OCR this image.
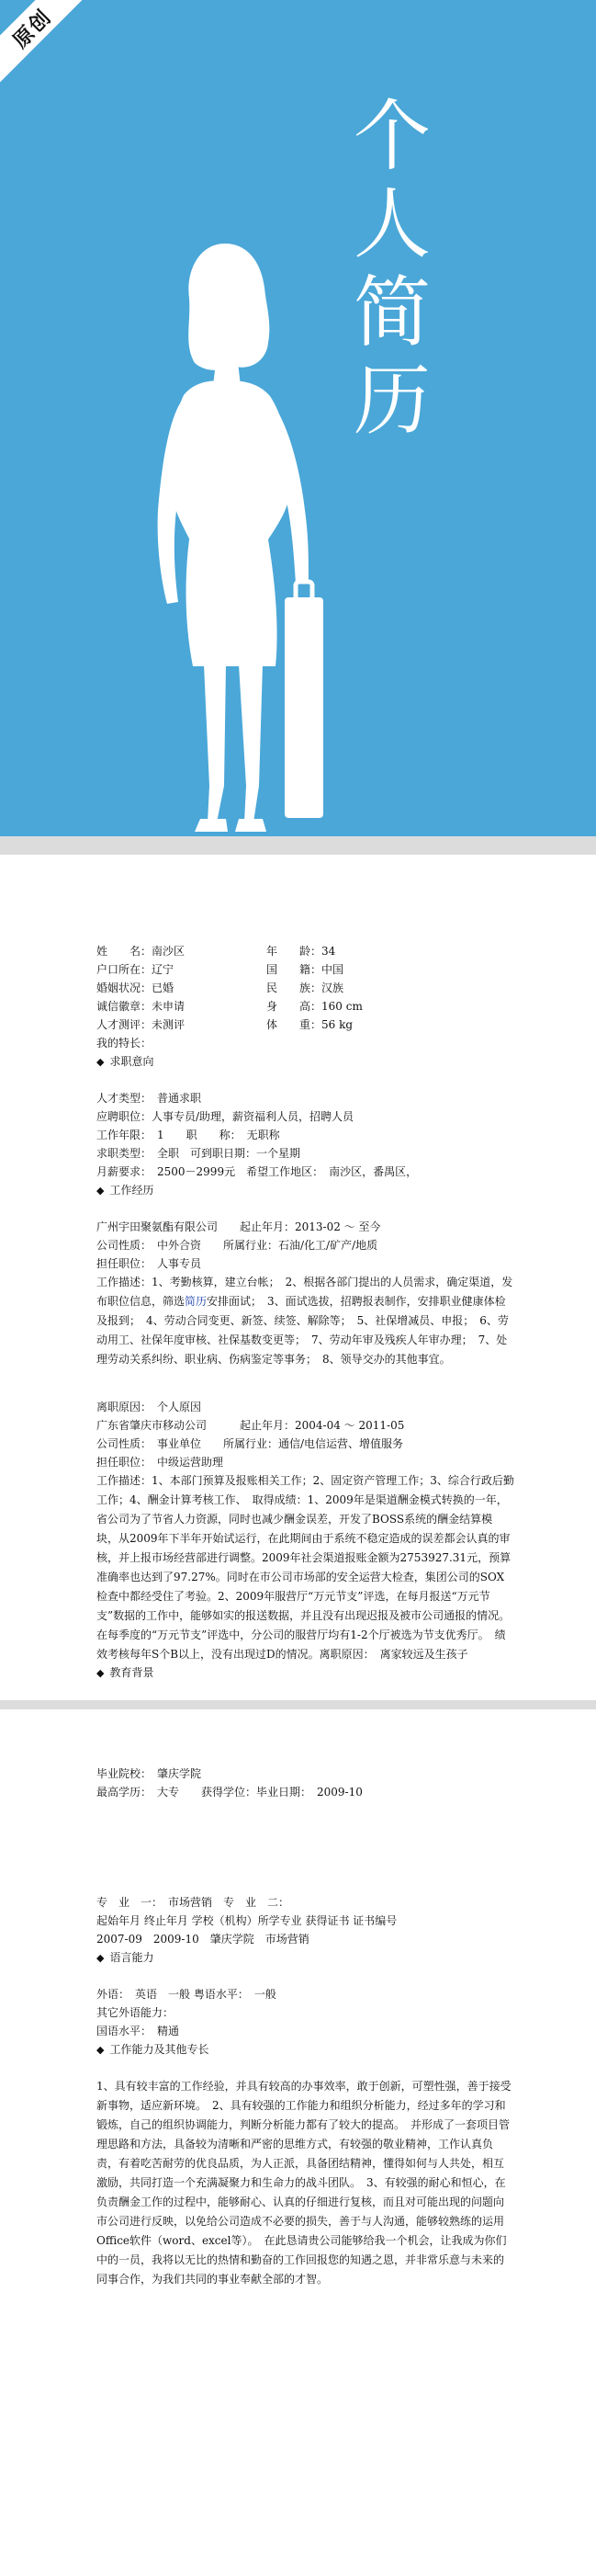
原创
个
人
简
历
姓　　名：南沙区	年　　龄：34
户口所在：辽宁	国　　籍：中国
婚姻状况：已婚	民　　族：汉族
诚信徽章：未申请	身　　高：160 cm
人才测评：未测评	体　　重：56 kg
我的特长：
◆ 求职意向
人才类型：　普通求职
应聘职位：人事专员/助理，薪资福利人员，招聘人员
工作年限：　1　　职　　称：　无职称
求职类型：　全职　可到职日期：一个星期
月薪要求：　2500－2999元　希望工作地区：　南沙区，番禺区，
◆ 工作经历
广州宇田聚氨酯有限公司　　起止年月：2013-02 ～ 至今
公司性质：　中外合资　　所属行业：石油/化工/矿产/地质
担任职位：　人事专员
工作描述：1、考勤核算，建立台帐；　2、根据各部门提出的人员需求，确定渠道，发布职位信息，筛选简历安排面试；　3、面试选拔，招聘报表制作，安排职业健康体检及报到；　4、劳动合同变更、新签、续签、解除等；　5、社保增减员、申报；　6、劳动用工、社保年度审核、社保基数变更等；　7、劳动年审及残疾人年审办理；　7、处理劳动关系纠纷、职业病、伤病鉴定等事务；　8、领导交办的其他事宜。
离职原因：　个人原因
广东省肇庆市移动公司　　　起止年月：2004-04 ～ 2011-05
公司性质：　事业单位　　所属行业：通信/电信运营、增值服务
担任职位：　中级运营助理
工作描述：1、本部门预算及报账相关工作；2、固定资产管理工作；3、综合行政后勤工作；4、酬金计算考核工作、　取得成绩：1、2009年是渠道酬金模式转换的一年，省公司为了节省人力资源，同时也减少酬金误差，开发了BOSS系统的酬金结算模块，从2009年下半年开始试运行，在此期间由于系统不稳定造成的误差都会认真的审核，并上报市场经营部进行调整。2009年社会渠道报账金额为2753927.31元，预算准确率也达到了97.27%。同时在市公司市场部的安全运营大检查，集团公司的SOX检查中都经受住了考验。2、2009年服营厅“万元节支”评选，在每月报送“万元节支”数据的工作中，能够如实的报送数据，并且没有出现迟报及被市公司通报的情况。在每季度的“万元节支”评选中，分公司的服营厅均有1-2个厅被选为节支优秀厅。　绩效考核每年S个B以上，没有出现过D的情况。离职原因：　离家较远及生孩子
◆ 教育背景
毕业院校：　肇庆学院
最高学历：　大专　　获得学位：毕业日期：　2009-10
专　业　一：　市场营销　专　业　二：
起始年月 终止年月 学校（机构）所学专业 获得证书 证书编号
2007-09　2009-10　肇庆学院　市场营销
◆ 语言能力
外语：　英语　一般 粤语水平：　一般
其它外语能力：
国语水平：　精通
◆ 工作能力及其他专长
1、具有较丰富的工作经验，并具有较高的办事效率，敢于创新，可塑性强，善于接受新事物，适应新环境。　2、具有较强的工作能力和组织分析能力，经过多年的学习和锻炼，自己的组织协调能力，判断分析能力都有了较大的提高。　并形成了一套项目管理思路和方法，具备较为清晰和严密的思维方式，有较强的敬业精神，工作认真负责，有着吃苦耐劳的优良品质，为人正派，具备团结精神，懂得如何与人共处，相互激励，共同打造一个充满凝聚力和生命力的战斗团队。　3、有较强的耐心和恒心，在负责酬金工作的过程中，能够耐心、认真的仔细进行复核，而且对可能出现的问题向市公司进行反映，以免给公司造成不必要的损失，善于与人沟通，能够较熟练的运用Office软件（word、excel等）。　在此恳请贵公司能够给我一个机会，让我成为你们中的一员，我将以无比的热情和勤奋的工作回报您的知遇之恩，并非常乐意与未来的同事合作，为我们共同的事业奉献全部的才智。
